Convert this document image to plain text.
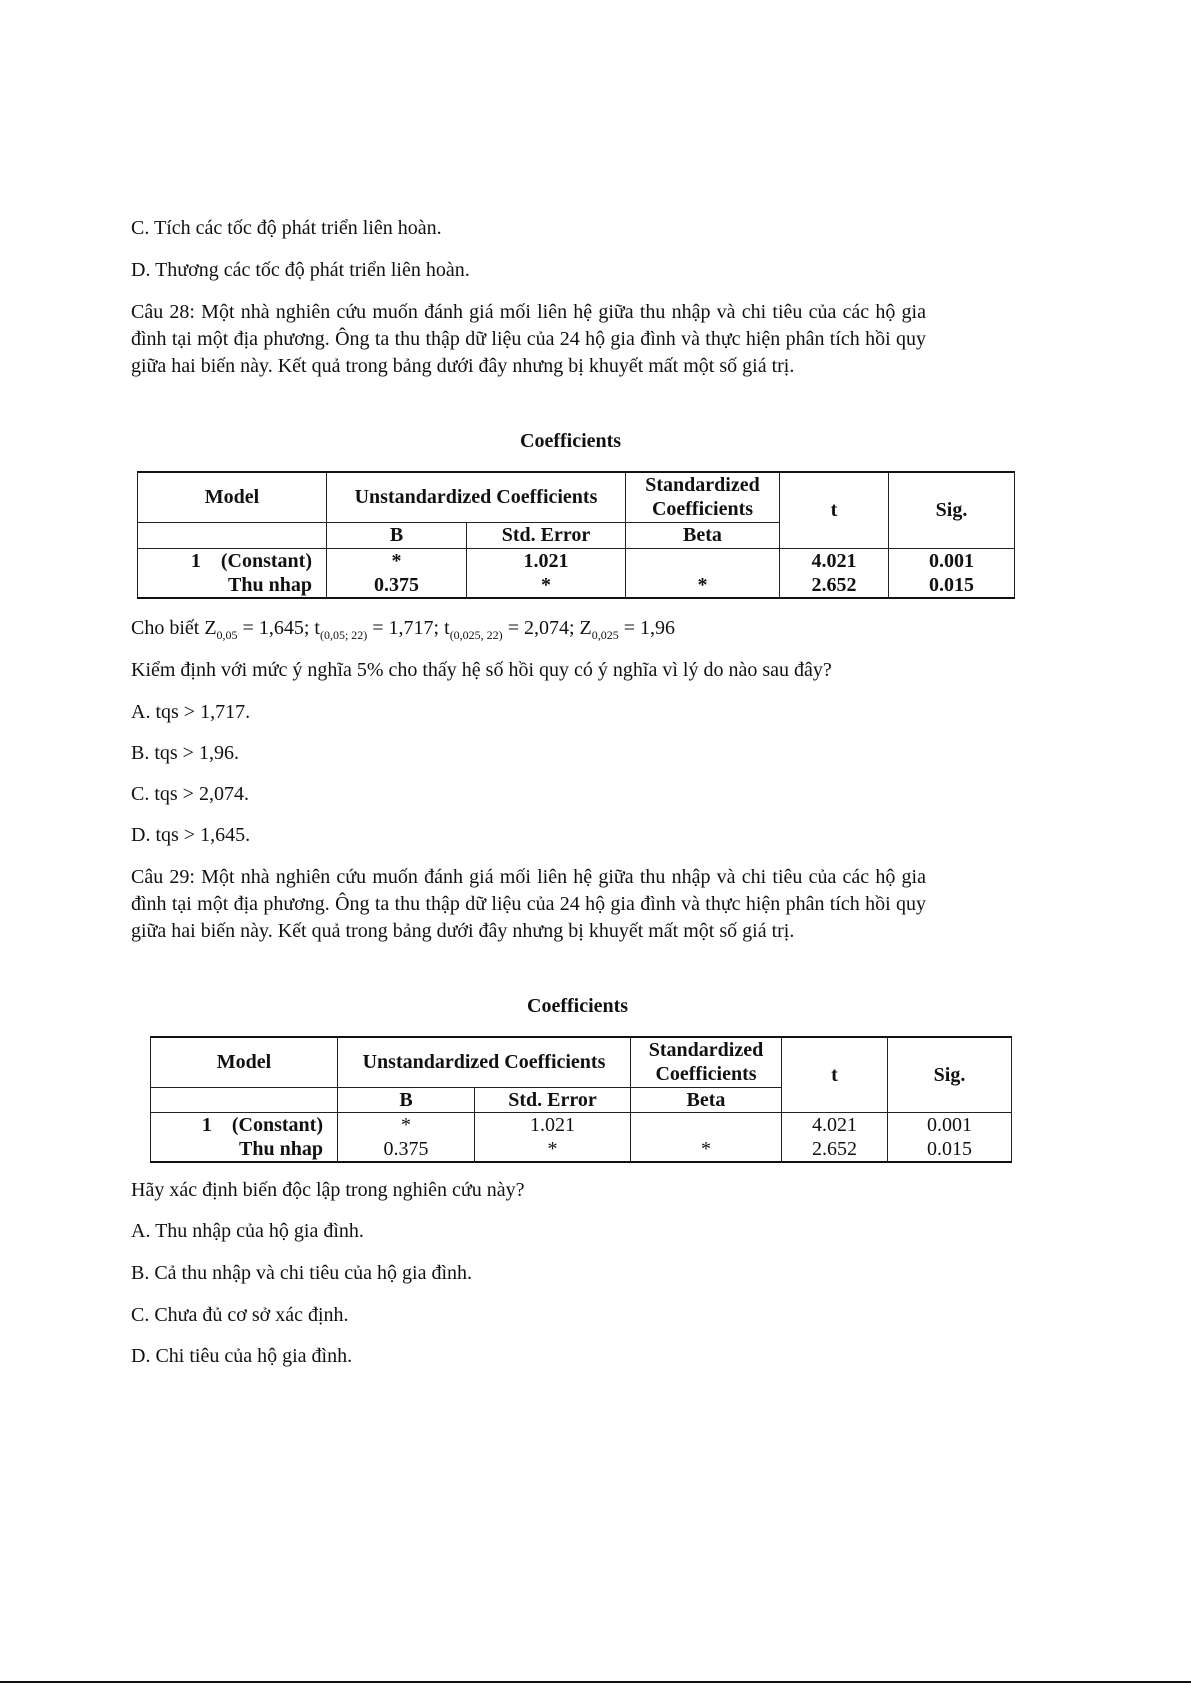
C. Tích các tốc độ phát triển liên hoàn.
D. Thương các tốc độ phát triển liên hoàn.
Câu 28: Một nhà nghiên cứu muốn đánh giá mối liên hệ giữa thu nhập và chi tiêu của các hộ gia đình tại một địa phương. Ông ta thu thập dữ liệu của 24 hộ gia đình và thực hiện phân tích hồi quy giữa hai biến này. Kết quả trong bảng dưới đây nhưng bị khuyết mất một số giá trị.
Coefficients
Model	Unstandardized Coefficients		Standardized Coefficients	t	Sig.
	B	Std. Error	Beta		
1    (Constant)	*	1.021		4.021	0.001
Thu nhap	0.375	*	*	2.652	0.015
Cho biết $Z_{0,05} = 1,645$; $t_{(0,05; 22)} = 1,717$; $t_{(0,025, 22)} = 2,074$; $Z_{0,025} = 1,96$
Kiểm định với mức ý nghĩa 5% cho thấy hệ số hồi quy có ý nghĩa vì lý do nào sau đây?
A. tqs > 1,717.
B. tqs > 1,96.
C. tqs > 2,074.
D. tqs > 1,645.
Câu 29: Một nhà nghiên cứu muốn đánh giá mối liên hệ giữa thu nhập và chi tiêu của các hộ gia đình tại một địa phương. Ông ta thu thập dữ liệu của 24 hộ gia đình và thực hiện phân tích hồi quy giữa hai biến này. Kết quả trong bảng dưới đây nhưng bị khuyết mất một số giá trị.
Coefficients
Model	Unstandardized Coefficients		Standardized Coefficients	t	Sig.
	B	Std. Error	Beta		
1    (Constant)	*	1.021		4.021	0.001
Thu nhap	0.375	*	*	2.652	0.015
Hãy xác định biến độc lập trong nghiên cứu này?
A. Thu nhập của hộ gia đình.
B. Cả thu nhập và chi tiêu của hộ gia đình.
C. Chưa đủ cơ sở xác định.
D. Chi tiêu của hộ gia đình.
